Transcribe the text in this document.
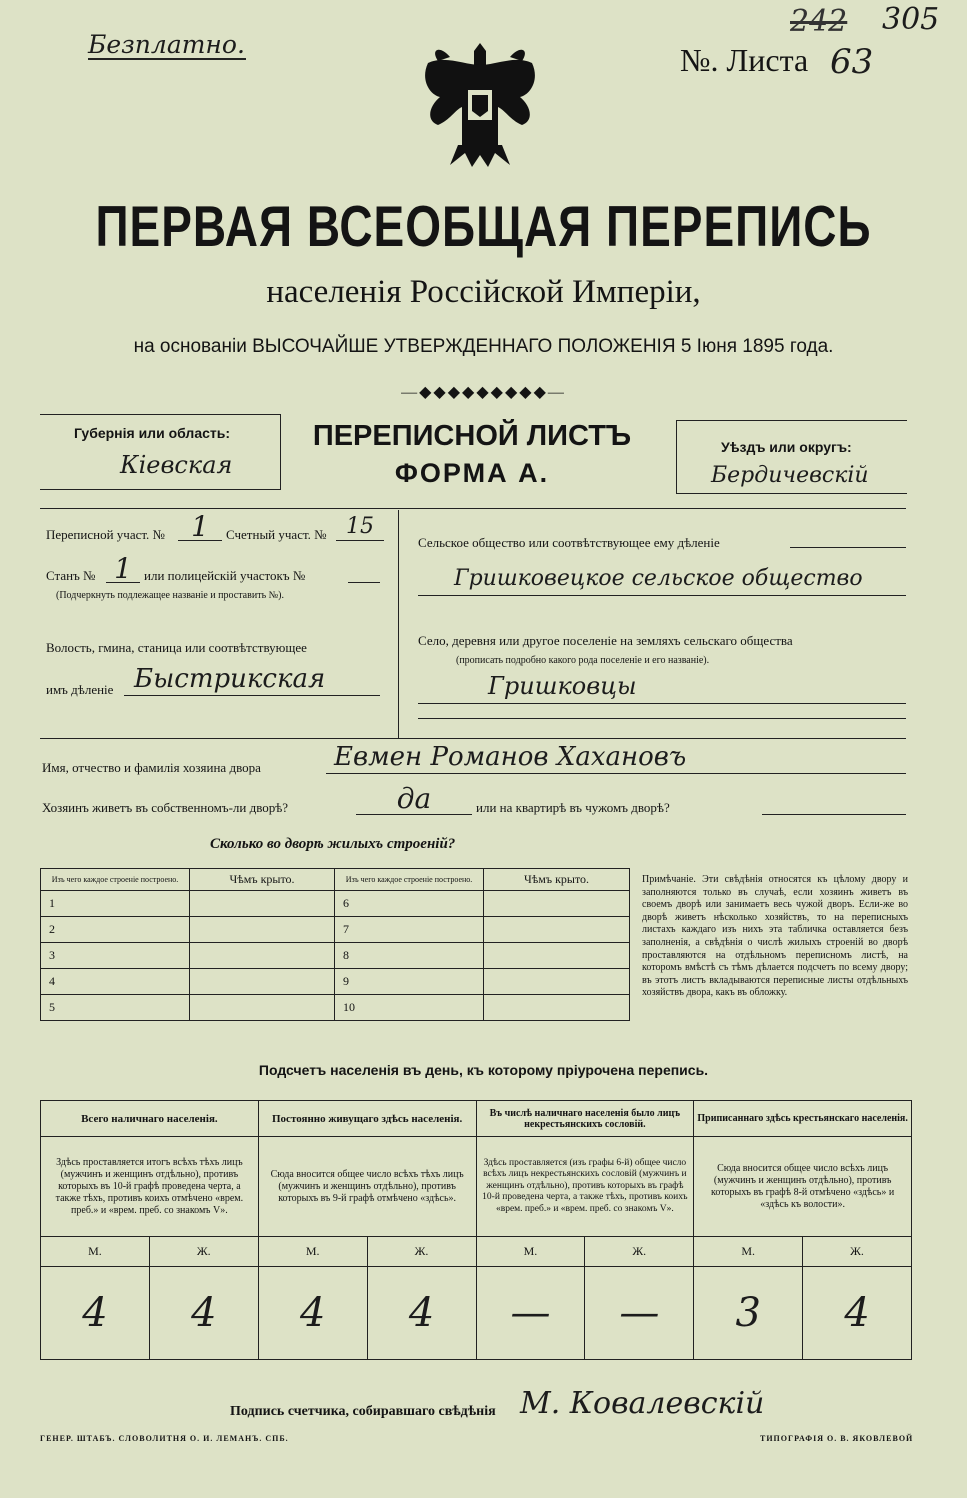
Безплатно.	№. Листа 63
242 305
ПЕРВАЯ ВСЕОБЩАЯ ПЕРЕПИСЬ
населенія Россійской Имперіи,
на основаніи ВЫСОЧАЙШЕ УТВЕРЖДЕННАГО ПОЛОЖЕНІЯ 5 Іюня 1895 года.
—◆◆◆◆◆◆◆◆◆—
Губернія или область:
Кіевская
ПЕРЕПИСНОЙ ЛИСТЪ
ФОРМА А.
Уѣздъ или округъ:
Бердичевскій
Переписной участ. № 1	Счетный участ. № 15
Станъ № 1 или полицейскій участокъ №
(Подчеркнуть подлежащее названіе и проставить №).
Волость, гмина, станица или соотвѣтствующее
имъ дѣленіе Быстрикская
Сельское общество или соотвѣтствующее ему дѣленіе
Гришковецкое сельское общество
Село, деревня или другое поселеніе на земляхъ сельскаго общества
(прописать подробно какого рода поселеніе и его названіе).
Гришковцы
Имя, отчество и фамилія хозяина двора	Евмен Романов Хахановъ
Хозяинъ живетъ въ собственномъ-ли дворѣ?	да	или на квартирѣ въ чужомъ дворѣ?
Сколько во дворѣ жилыхъ строеній?
Изъ чего каждое строеніе построено.	Чѣмъ крыто.	Изъ чего каждое строеніе построено.	Чѣмъ крыто.
1		6	
2		7	
3		8	
4		9	
5		10	
Примѣчаніе. Эти свѣдѣнія относятся къ цѣлому двору и заполняются только въ случаѣ, если хозяинъ живетъ въ своемъ дворѣ или занимаетъ весь чужой дворъ. Если-же во дворѣ живетъ нѣсколько хозяйствъ, то на переписныхъ листахъ каждаго изъ нихъ эта табличка оставляется безъ заполненія, а свѣдѣнія о числѣ жилыхъ строеній во дворѣ проставляются на отдѣльномъ переписномъ листѣ, на которомъ вмѣстѣ съ тѣмъ дѣлается подсчетъ по всему двору; въ этотъ листъ вкладываются переписные листы отдѣльныхъ хозяйствъ двора, какъ въ обложку.
Подсчетъ населенія въ день, къ которому пріурочена перепись.
Всего наличнаго населенія.		Постоянно живущаго здѣсь населенія.		Въ числѣ наличнаго населенія было лицъ некрестьянскихъ сословій.		Приписаннаго здѣсь крестьянскаго населенія.	
Здѣсь проставляется итогъ всѣхъ тѣхъ лицъ (мужчинъ и женщинъ отдѣльно), противъ которыхъ въ 10-й графѣ проведена черта, а также тѣхъ, противъ коихъ отмѣчено «врем. преб.» и «врем. преб. со знакомъ V».		Сюда вносится общее число всѣхъ тѣхъ лицъ (мужчинъ и женщинъ отдѣльно), противъ которыхъ въ 9-й графѣ отмѣчено «здѣсь».		Здѣсь проставляется (изъ графы 6-й) общее число всѣхъ лицъ некрестьянскихъ сословій (мужчинъ и женщинъ отдѣльно), противъ которыхъ въ графѣ 10-й проведена черта, а также тѣхъ, противъ коихъ «врем. преб.» и «врем. преб. со знакомъ V».		Сюда вносится общее число всѣхъ лицъ (мужчинъ и женщинъ отдѣльно), противъ которыхъ въ графѣ 8-й отмѣчено «здѣсь» и «здѣсь къ волости».	
М.	Ж.	М.	Ж.	М.	Ж.	М.	Ж.
4	4	4	4	—	—	3	4
Подпись счетчика, собиравшаго свѣдѣнія М. Ковалевскій
ГЕНЕР. ШТАБЪ. СЛОВОЛИТНЯ О. И. ЛЕМАНЪ. СПБ.	ТИПОГРАФІЯ О. В. ЯКОВЛЕВОЙ
